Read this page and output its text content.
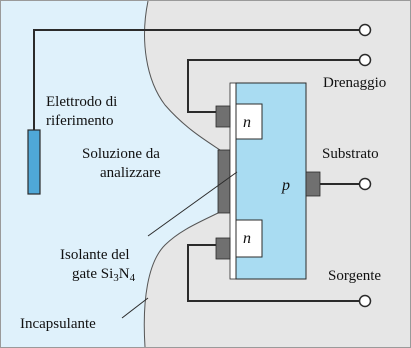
n
n
p
Elettrodo di
riferimento
Soluzione da
analizzare
Isolante del
gate $Si_3N_4$
Incapsulante
Drenaggio
Substrato
Sorgente
